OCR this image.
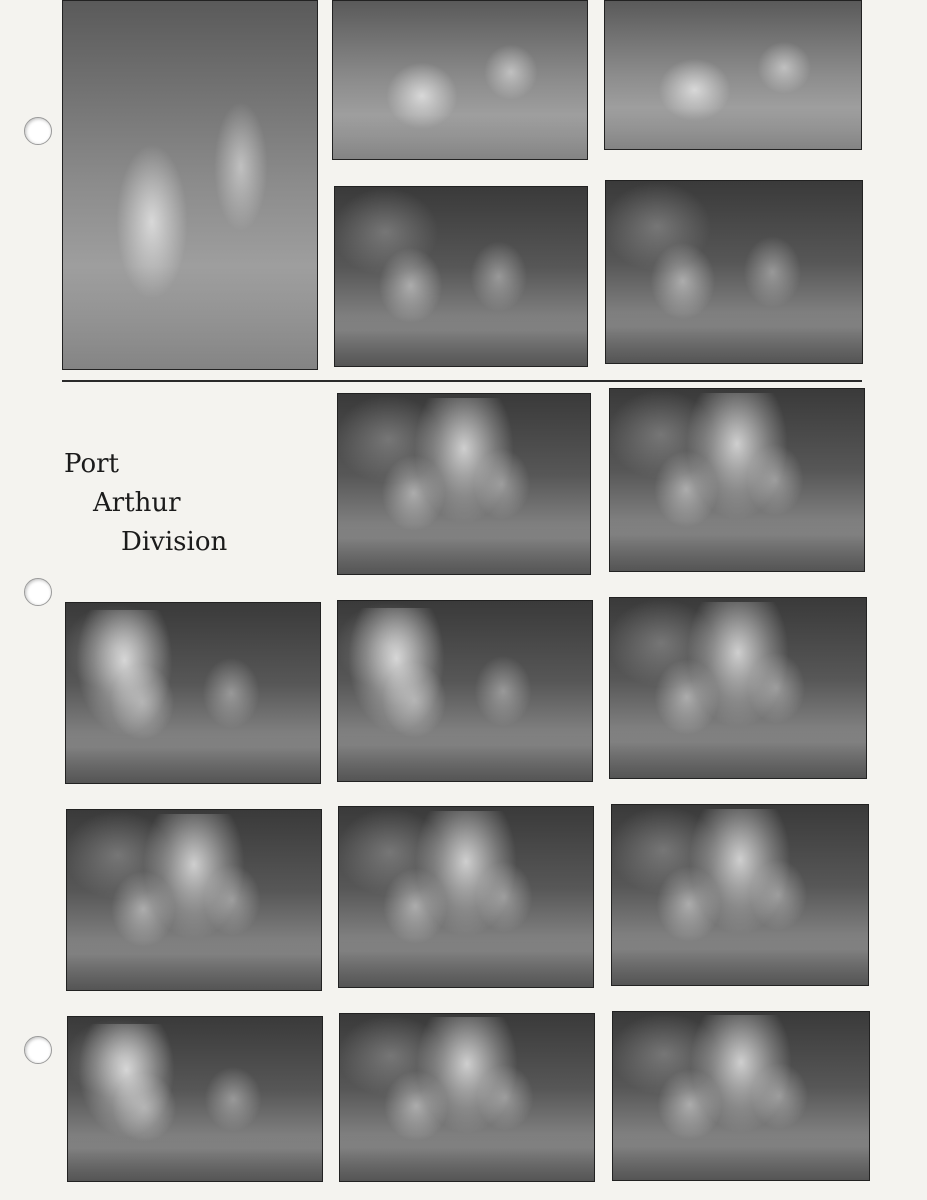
Port
Arthur
Division
